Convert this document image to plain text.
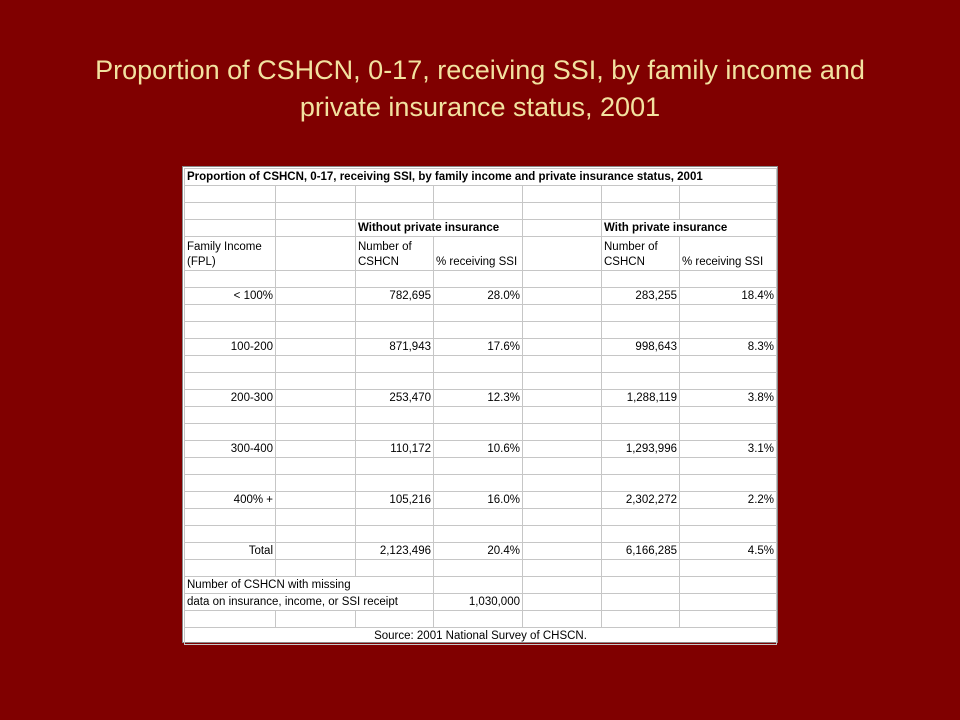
Proportion of CSHCN, 0-17, receiving SSI, by family income and private insurance status, 2001
Proportion of CSHCN, 0-17, receiving SSI, by family income and private insurance status, 2001						

		Without private insurance			With private insurance	
Family Income (FPL)		Number of CSHCN	% receiving SSI		Number of CSHCN	% receiving SSI

< 100%		782,695	28.0%		283,255	18.4%

100-200		871,943	17.6%		998,643	8.3%

200-300		253,470	12.3%		1,288,119	3.8%

300-400		110,172	10.6%		1,293,996	3.1%

400% +		105,216	16.0%		2,302,272	2.2%

Total		2,123,496	20.4%		6,166,285	4.5%

Number of CSHCN with missing						
data on insurance, income, or SSI receipt			1,030,000			

Source: 2001 National Survey of CHSCN.						
